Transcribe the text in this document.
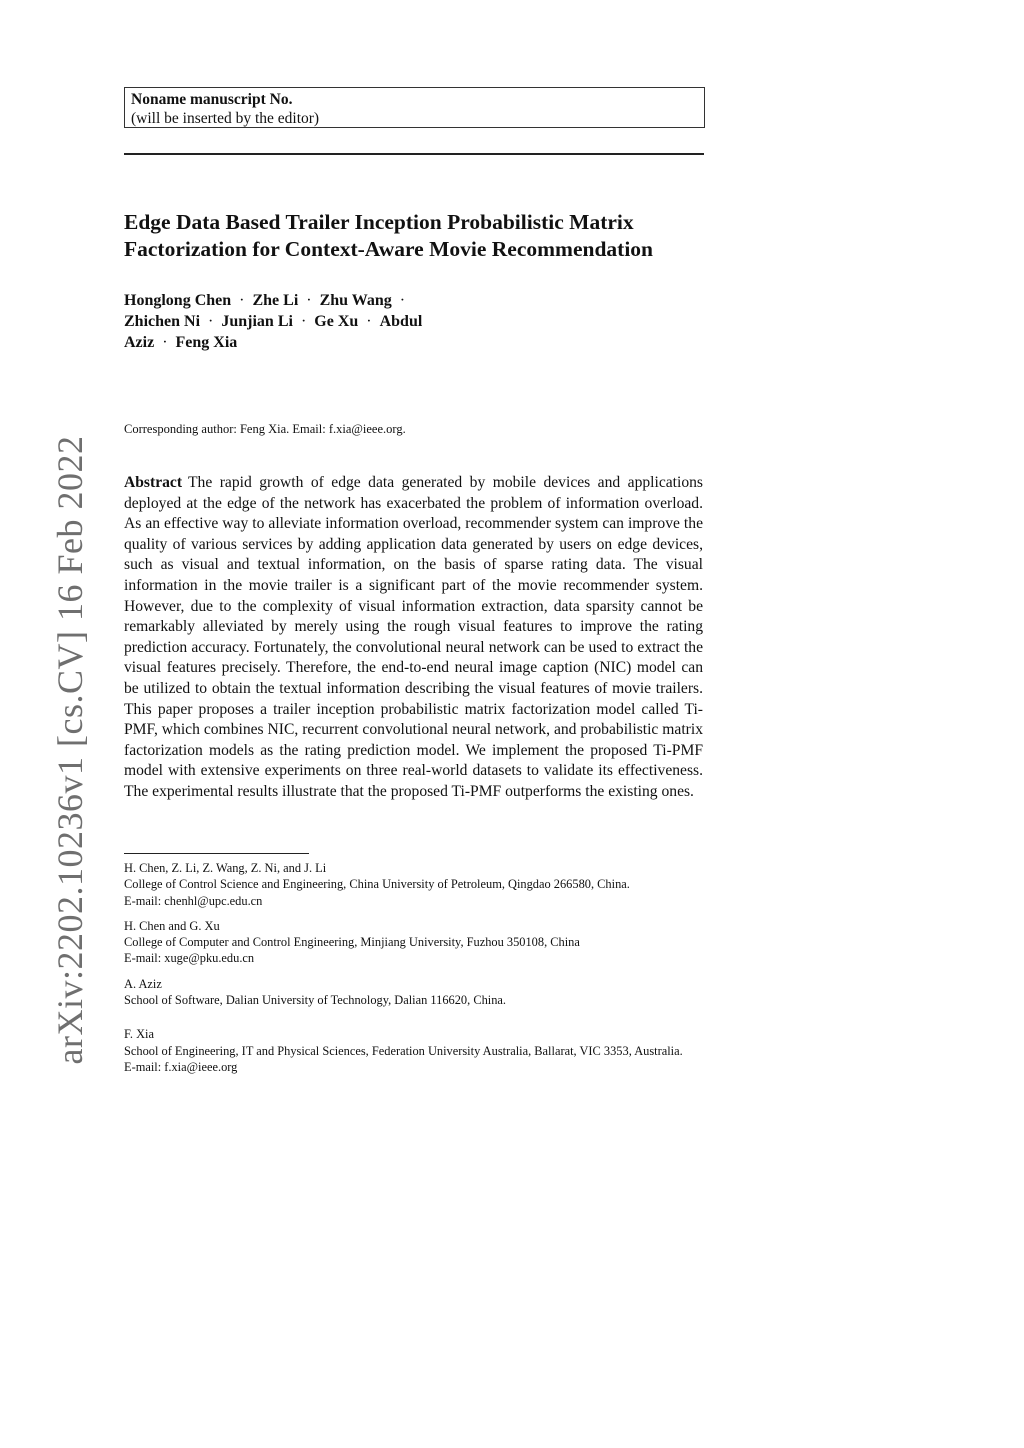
arXiv:2202.10236v1 [cs.CV] 16 Feb 2022
Noname manuscript No.
(will be inserted by the editor)
Edge Data Based Trailer Inception Probabilistic Matrix
Factorization for Context-Aware Movie Recommendation
Honglong Chen · Zhe Li · Zhu Wang ·
Zhichen Ni · Junjian Li · Ge Xu · Abdul
Aziz · Feng Xia
Corresponding author: Feng Xia. Email: f.xia@ieee.org.

Abstract The rapid growth of edge data generated by mobile devices and applications deployed at the edge of the network has exacerbated the problem of information overload. As an effective way to alleviate information overload, recommender system can improve the quality of various services by adding application data generated by users on edge devices, such as visual and textual information, on the basis of sparse rating data. The visual information in the movie trailer is a significant part of the movie recommender system. However, due to the complexity of visual information extraction, data sparsity cannot be remarkably alleviated by merely using the rough visual features to improve the rating prediction accuracy. Fortunately, the convolutional neural network can be used to extract the visual features precisely. Therefore, the end-to-end neural image caption (NIC) model can be utilized to obtain the textual information describing the visual features of movie trailers. This paper proposes a trailer inception probabilistic matrix factorization model called Ti-PMF, which combines NIC, recurrent convolutional neural network, and probabilistic matrix factorization models as the rating prediction model. We implement the proposed Ti-PMF model with extensive experiments on three real-world datasets to validate its effectiveness. The experimental results illustrate that the proposed Ti-PMF outperforms the existing ones.

H. Chen, Z. Li, Z. Wang, Z. Ni, and J. Li
College of Control Science and Engineering, China University of Petroleum, Qingdao 266580, China.
E-mail: chenhl@upc.edu.cn
H. Chen and G. Xu
College of Computer and Control Engineering, Minjiang University, Fuzhou 350108, China
E-mail: xuge@pku.edu.cn
A. Aziz
School of Software, Dalian University of Technology, Dalian 116620, China.
F. Xia
School of Engineering, IT and Physical Sciences, Federation University Australia, Ballarat, VIC 3353, Australia.
E-mail: f.xia@ieee.org
